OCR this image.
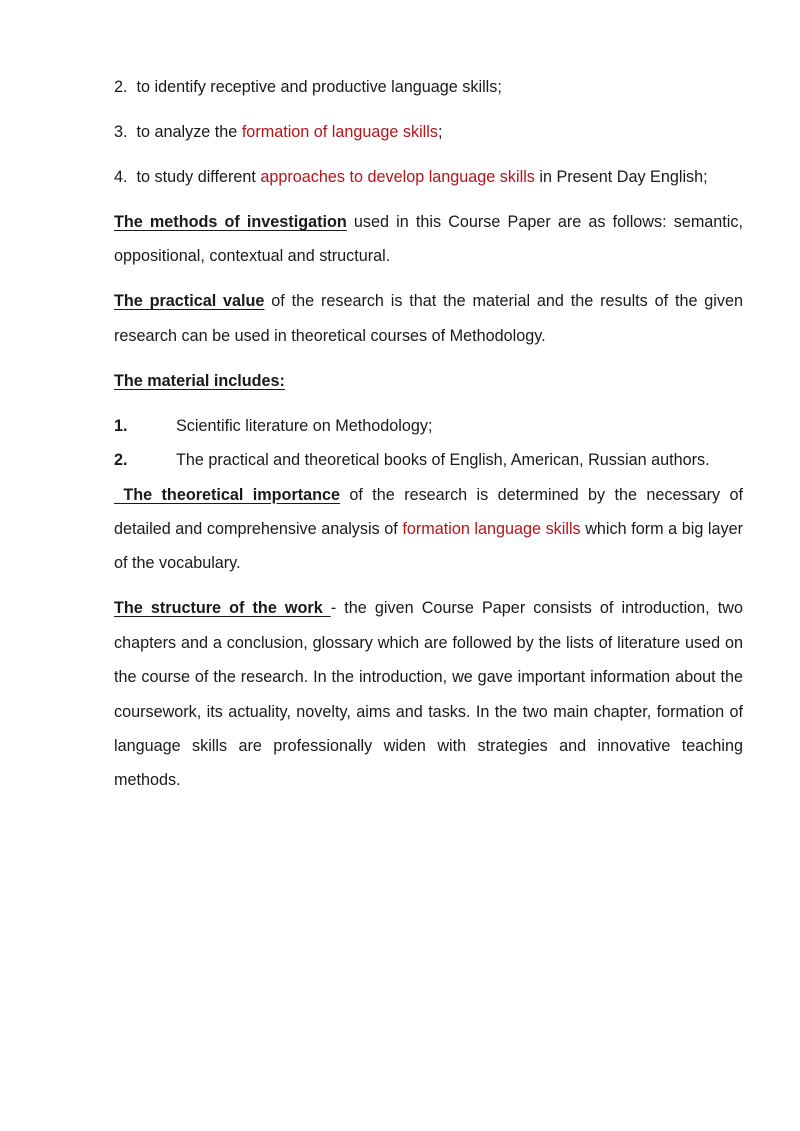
2. to identify receptive and productive language skills;

3. to analyze the formation of language skills;

4. to study different approaches to develop language skills in Present Day English;

The methods of investigation used in this Course Paper are as follows: semantic, oppositional, contextual and structural.

The practical value of the research is that the material and the results of the given research can be used in theoretical courses of Methodology.

The material includes:

1.	Scientific literature on Methodology;
2.	The practical and theoretical books of English, American, Russian authors.

The theoretical importance of the research is determined by the necessary of detailed and comprehensive analysis of formation language skills which form a big layer of the vocabulary.

The structure of the work - the given Course Paper consists of introduction, two chapters and a conclusion, glossary which are followed by the lists of literature used on the course of the research. In the introduction, we gave important information about the coursework, its actuality, novelty, aims and tasks. In the two main chapter, formation of language skills are professionally widen with strategies and innovative teaching methods.
